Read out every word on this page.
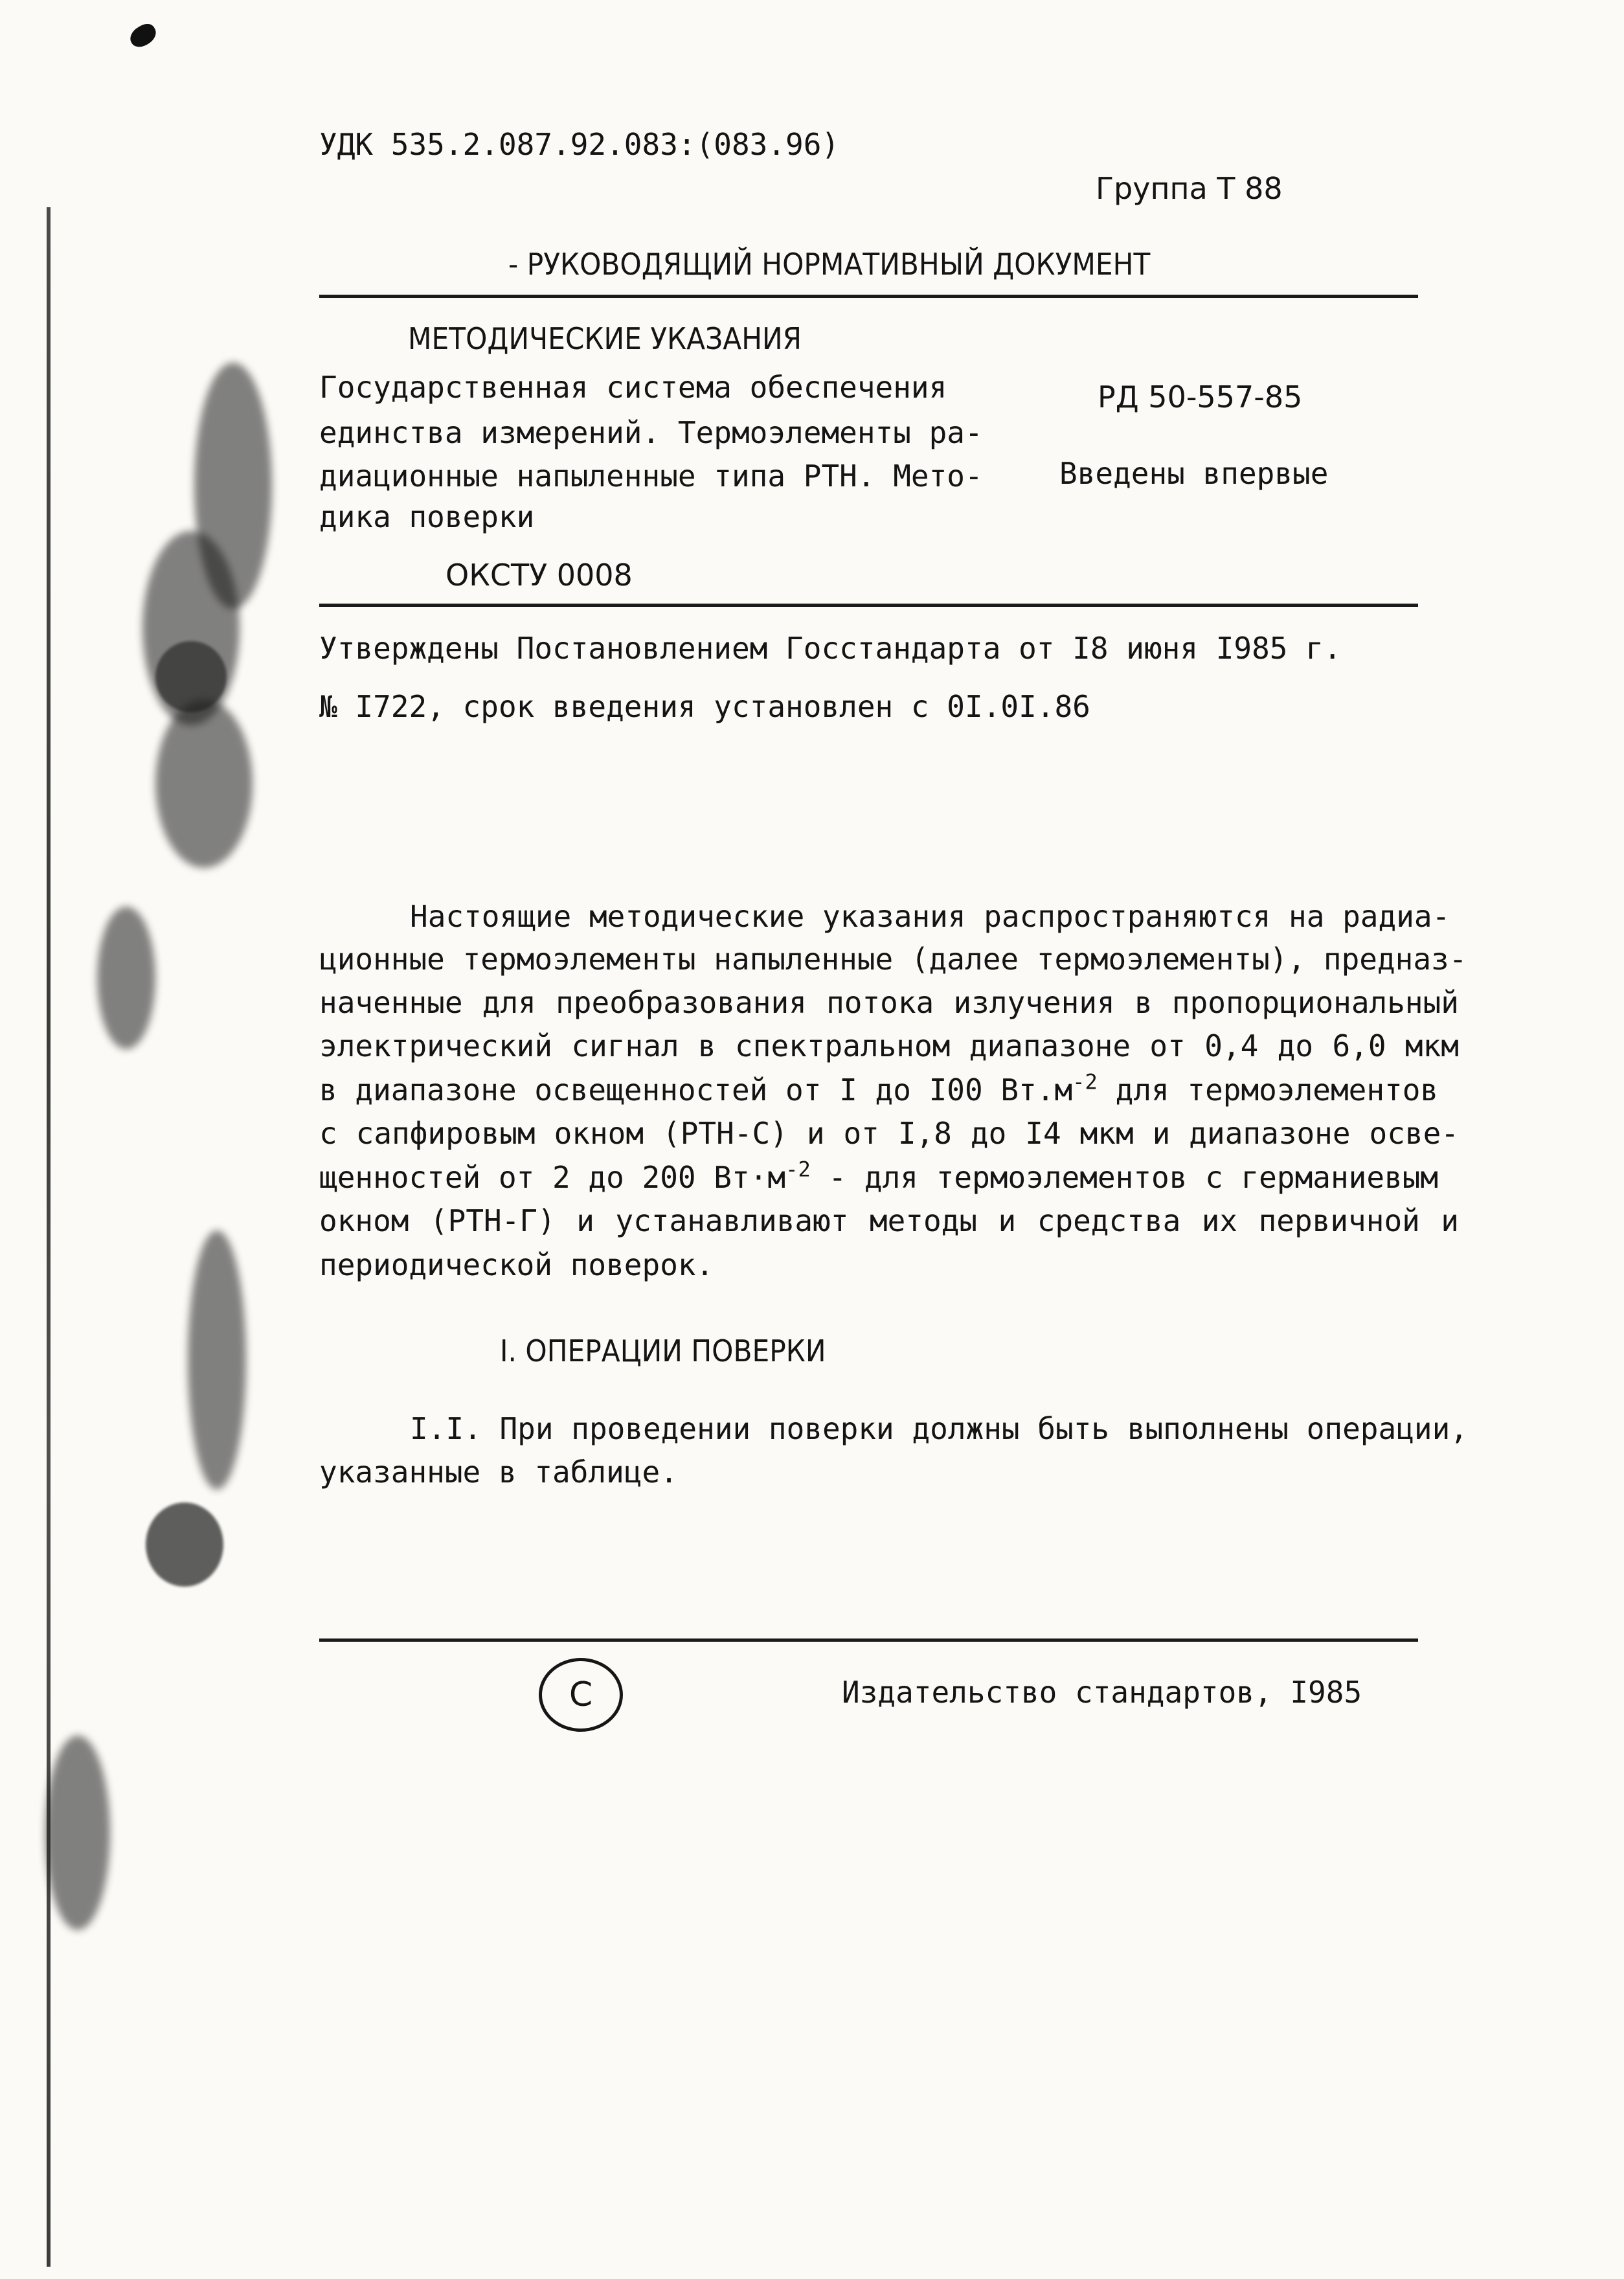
УДК 535.2.087.92.083:(083.96)
Группа Т 88
- РУКОВОДЯЩИЙ НОРМАТИВНЫЙ ДОКУМЕНТ
МЕТОДИЧЕСКИЕ УКАЗАНИЯ
Государственная система обеспечения
единства измерений. Термоэлементы ра-
диационные напыленные типа РТН. Мето-
дика поверки
РД 50-557-85
Введены впервые
ОКСТУ 0008
Утверждены Постановлением Госстандарта от I8 июня I985 г.
№ I722, срок введения установлен с 0I.0I.86
Настоящие методические указания распространяются на радиа-
ционные термоэлементы напыленные (далее термоэлементы), предназ-
наченные для преобразования потока излучения в пропорциональный
электрический сигнал в спектральном диапазоне от 0,4 до 6,0 мкм
в диапазоне освещенностей от I до I00 $Вт.м^{-2}$ для термоэлементов
с сапфировым окном (РТН-С) и от I,8 до I4 мкм и диапазоне осве-
щенностей от 2 до 200 $Вт\cdot м^{-2}$ - для термоэлементов с германиевым
окном (РТН-Г) и устанавливают методы и средства их первичной и
периодической поверок.
I. ОПЕРАЦИИ ПОВЕРКИ
I.I. При проведении поверки должны быть выполнены операции,
указанные в таблице.
С	Издательство стандартов, I985
